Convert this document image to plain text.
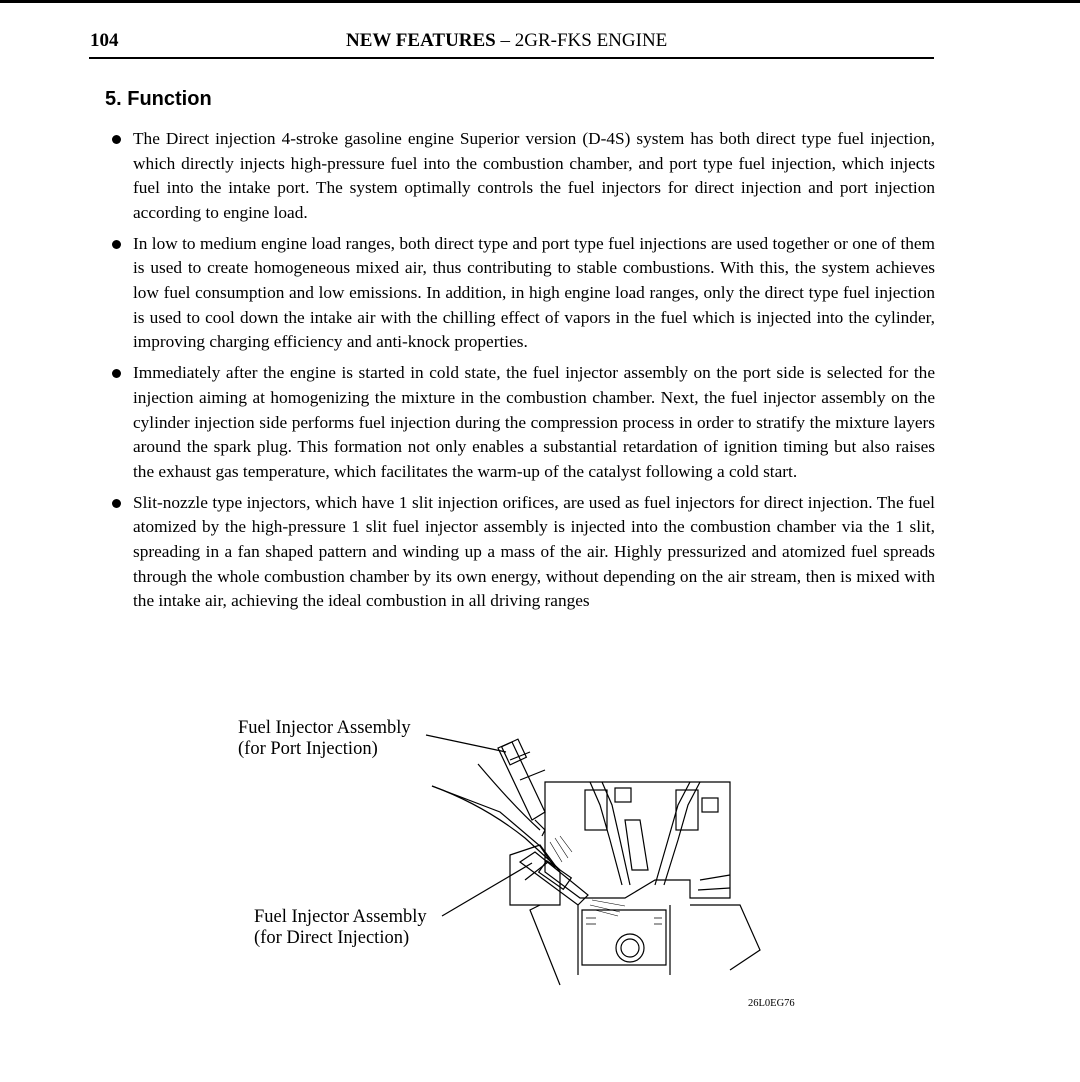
104	NEW FEATURES – 2GR-FKS ENGINE
5. Function
The Direct injection 4-stroke gasoline engine Superior version (D-4S) system has both direct type fuel injection, which directly injects high-pressure fuel into the combustion chamber, and port type fuel injection, which injects fuel into the intake port. The system optimally controls the fuel injectors for direct injection and port injection according to engine load.
In low to medium engine load ranges, both direct type and port type fuel injections are used together or one of them is used to create homogeneous mixed air, thus contributing to stable combustions. With this, the system achieves low fuel consumption and low emissions. In addition, in high engine load ranges, only the direct type fuel injection is used to cool down the intake air with the chilling effect of vapors in the fuel which is injected into the cylinder, improving charging efficiency and anti-knock properties.
Immediately after the engine is started in cold state, the fuel injector assembly on the port side is selected for the injection aiming at homogenizing the mixture in the combustion chamber. Next, the fuel injector assembly on the cylinder injection side performs fuel injection during the compression process in order to stratify the mixture layers around the spark plug. This formation not only enables a substantial retardation of ignition timing but also raises the exhaust gas temperature, which facilitates the warm-up of the catalyst following a cold start.
Slit-nozzle type injectors, which have 1 slit injection orifices, are used as fuel injectors for direct injection. The fuel atomized by the high-pressure 1 slit fuel injector assembly is injected into the combustion chamber via the 1 slit, spreading in a fan shaped pattern and winding up a mass of the air. Highly pressurized and atomized fuel spreads through the whole combustion chamber by its own energy, without depending on the air stream, then is mixed with the intake air, achieving the ideal combustion in all driving ranges
Fuel Injector Assembly
(for Port Injection)
Fuel Injector Assembly
(for Direct Injection)
26L0EG76
